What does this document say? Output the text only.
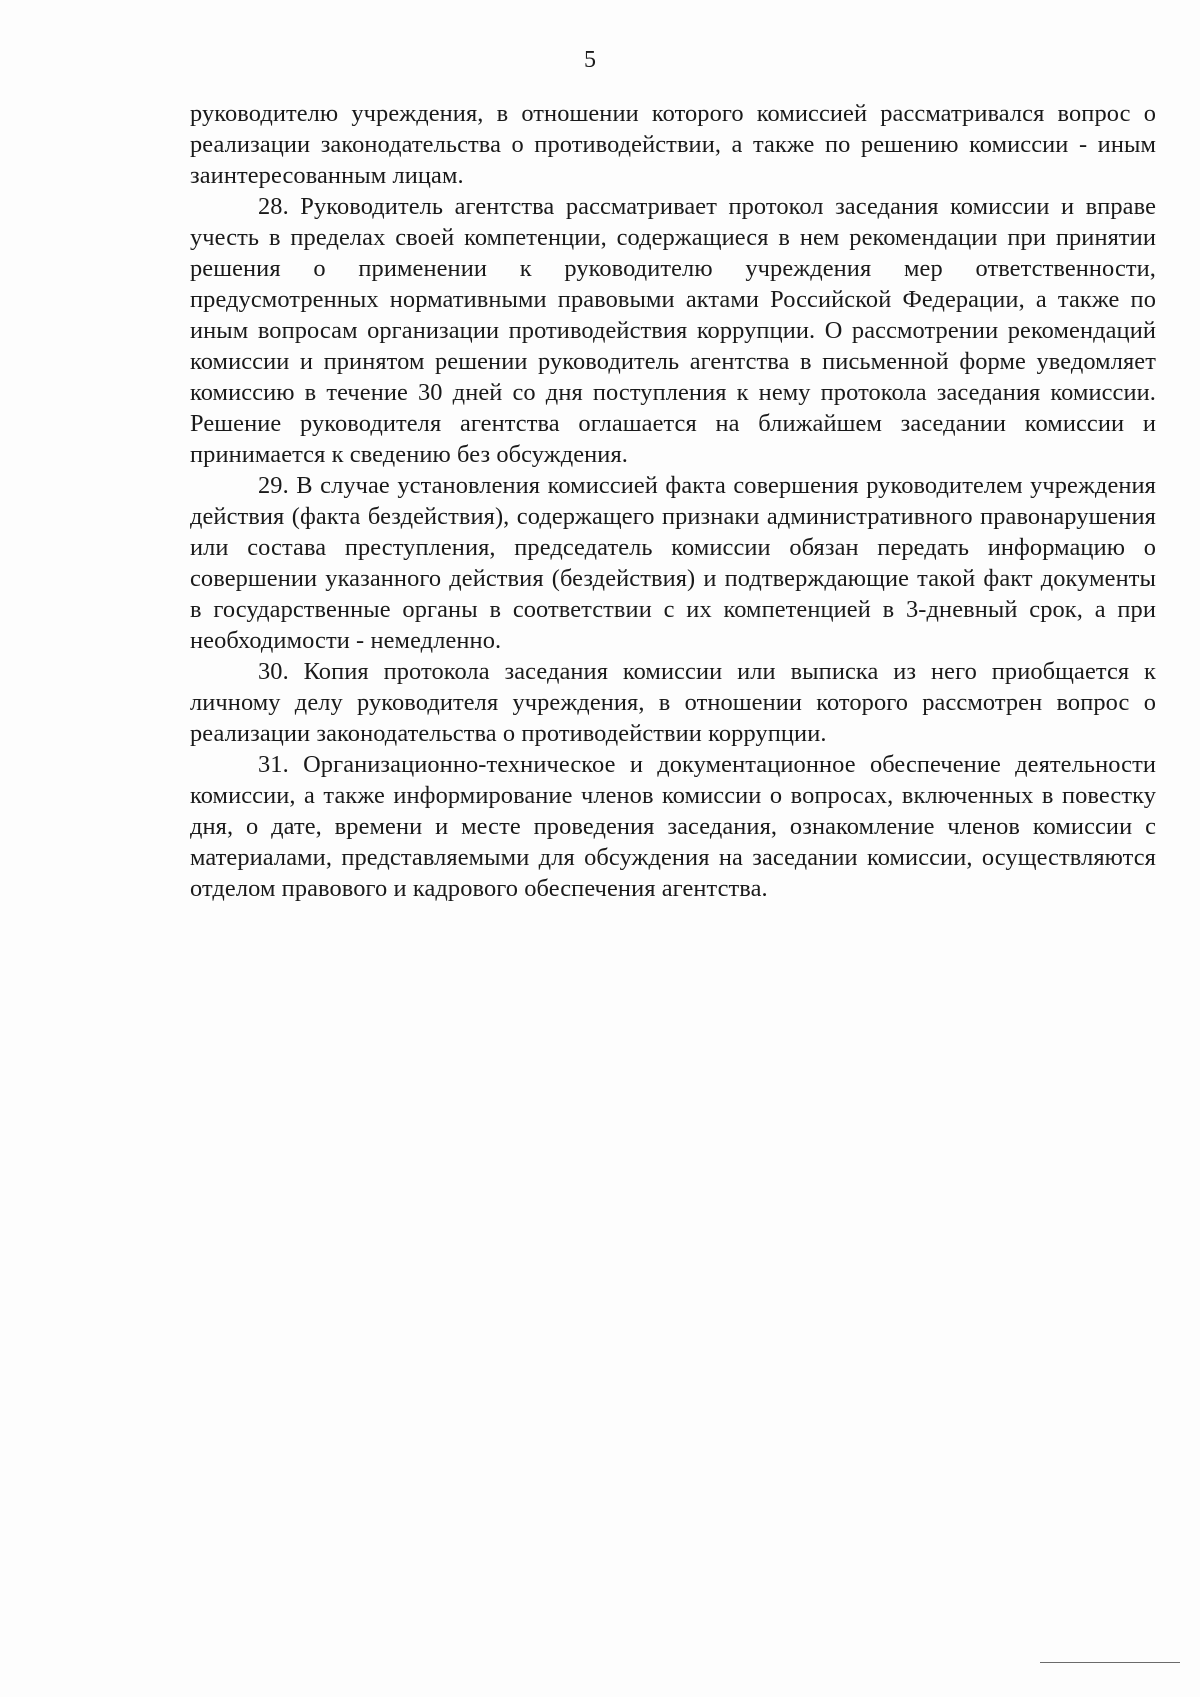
5

руководителю учреждения, в отношении которого комиссией рассматривался вопрос о реализации законодательства о противодействии, а также по решению комиссии - иным заинтересованным лицам.

28. Руководитель агентства рассматривает протокол заседания комиссии и вправе учесть в пределах своей компетенции, содержащиеся в нем рекомендации при принятии решения о применении к руководителю учреждения мер ответственности, предусмотренных нормативными правовыми актами Российской Федерации, а также по иным вопросам организации противодействия коррупции. О рассмотрении рекомендаций комиссии и принятом решении руководитель агентства в письменной форме уведомляет комиссию в течение 30 дней со дня поступления к нему протокола заседания комиссии. Решение руководителя агентства оглашается на ближайшем заседании комиссии и принимается к сведению без обсуждения.

29. В случае установления комиссией факта совершения руководителем учреждения действия (факта бездействия), содержащего признаки административного правонарушения или состава преступления, председатель комиссии обязан передать информацию о совершении указанного действия (бездействия) и подтверждающие такой факт документы в государственные органы в соответствии с их компетенцией в 3-дневный срок, а при необходимости - немедленно.

30. Копия протокола заседания комиссии или выписка из него приобщается к личному делу руководителя учреждения, в отношении которого рассмотрен вопрос о реализации законодательства о противодействии коррупции.

31. Организационно-техническое и документационное обеспечение деятельности комиссии, а также информирование членов комиссии о вопросах, включенных в повестку дня, о дате, времени и месте проведения заседания, ознакомление членов комиссии с материалами, представляемыми для обсуждения на заседании комиссии, осуществляются отделом правового и кадрового обеспечения агентства.
